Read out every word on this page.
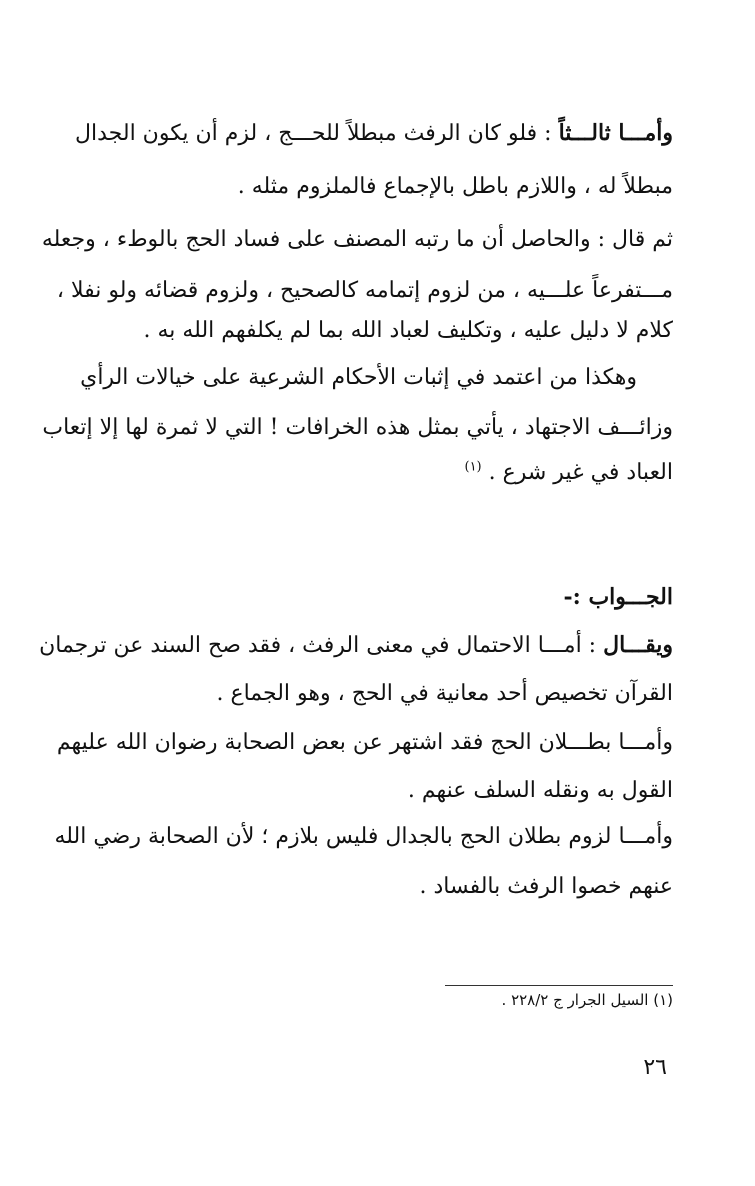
وأمـــا ثالـــثاً : فلو كان الرفث مبطلاً للحـــج ، لزم أن يكون الجدال
مبطلاً له ، واللازم باطل بالإجماع فالملزوم مثله .
ثم قال : والحاصل أن ما رتبه المصنف على فساد الحج بالوطء ، وجعله
مـــتفرعاً علـــيه ، من لزوم إتمامه كالصحيح ، ولزوم قضائه ولو نفلا ،
كلام لا دليل عليه ، وتكليف لعباد الله بما لم يكلفهم الله به .
وهكذا من اعتمد في إثبات الأحكام الشرعية على خيالات الرأي
وزائـــف الاجتهاد ، يأتي بمثل هذه الخرافات ! التي لا ثمرة لها إلا إتعاب
العباد في غير شرع . $^{(١)}$
الجـــواب :-
ويقـــال : أمـــا الاحتمال في معنى الرفث ، فقد صح السند عن ترجمان
القرآن تخصيص أحد معانية في الحج ، وهو الجماع .
وأمـــا بطـــلان الحج فقد اشتهر عن بعض الصحابة رضوان الله عليهم
القول به ونقله السلف عنهم .
وأمـــا لزوم بطلان الحج بالجدال فليس بلازم ؛ لأن الصحابة رضي الله
عنهم خصوا الرفث بالفساد .
(١) السيل الجرار ج ٢٢٨/٢ .
٢٦
